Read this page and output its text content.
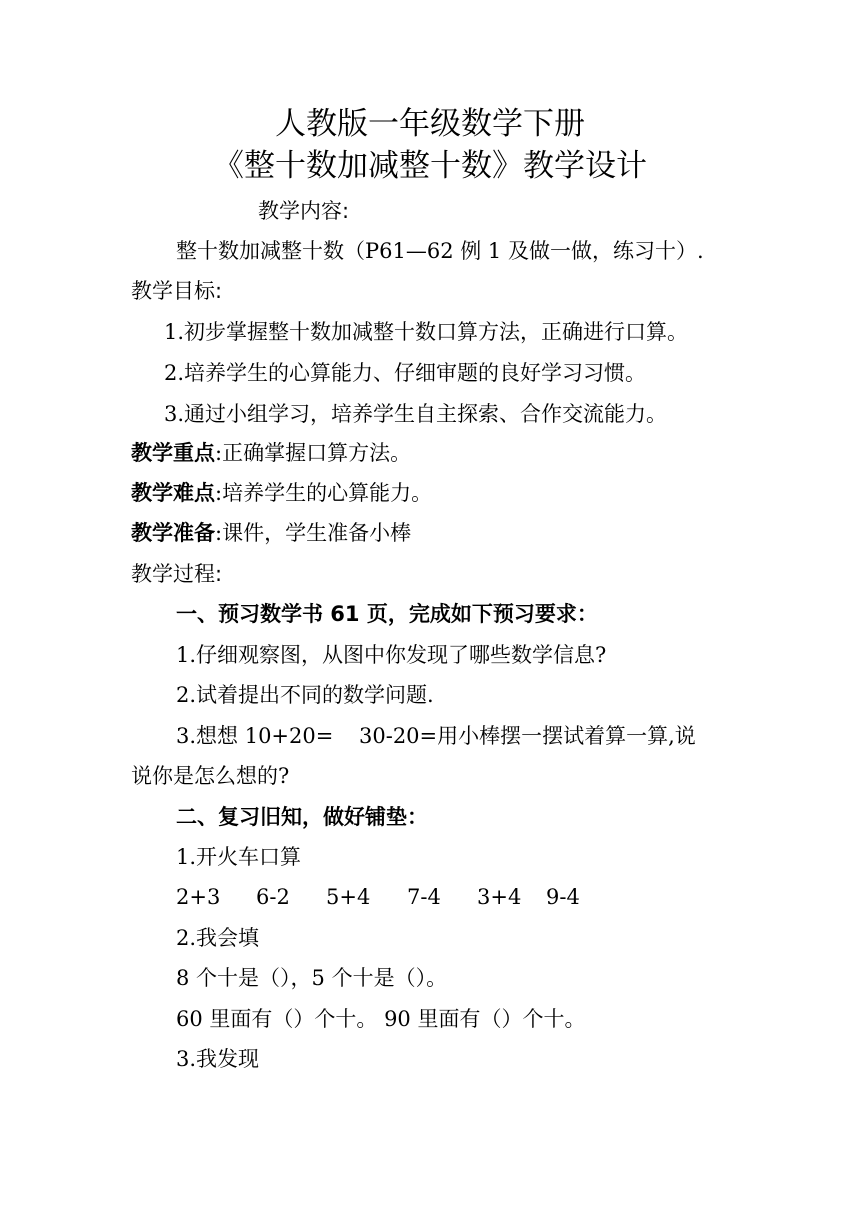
人教版一年级数学下册
《整十数加减整十数》教学设计
教学内容:
整十数加减整十数（P61—62 例 1 及做一做，练习十）.
教学目标:
1.初步掌握整十数加减整十数口算方法，正确进行口算。
2.培养学生的心算能力、仔细审题的良好学习习惯。
3.通过小组学习，培养学生自主探索、合作交流能力。
教学重点:正确掌握口算方法。
教学难点:培养学生的心算能力。
教学准备:课件，学生准备小棒
教学过程:
一、预习数学书 61 页，完成如下预习要求：
1.仔细观察图，从图中你发现了哪些数学信息?
2.试着提出不同的数学问题.
3.想想 10+20= 30-20=用小棒摆一摆试着算一算,说
说你是怎么想的?
二、复习旧知，做好铺垫：
1.开火车口算
2+3 6-2 5+4 7-4 3+4 9-4
2.我会填
8 个十是（），5 个十是（）。
60 里面有（）个十。 90 里面有（）个十。
3.我发现
